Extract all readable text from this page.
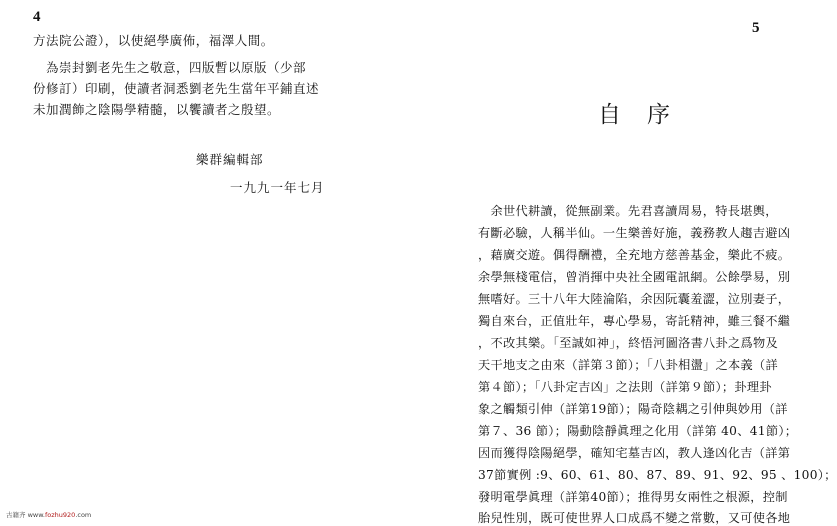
4
方法院公證），以使絕學廣佈，福澤人間。
　為崇封劉老先生之敬意，四版暫以原版（少部
份修訂）印刷，使讀者洞悉劉老先生當年平鋪直述
未加潤飾之陰陽學精髓，以饗讀者之殷望。
樂群編輯部
一九九一年七月
5
自序
　余世代耕讀，從無副業。先君喜讀周易，特長堪輿，
有斷必驗，人稱半仙。一生樂善好施，義務教人趨吉避凶
，藉廣交遊。偶得酬禮，全充地方慈善基金，樂此不疲。
余學無棧電信，曾消揮中央社全國電訊網。公餘學易，別
無嗜好。三十八年大陸淪陷，余因阮囊羞澀，泣別妻子，
獨自來台，正值壯年，專心學易，寄託精神，雖三餐不繼
，不改其樂。「至誠如神」，終悟河圖洛書八卦之爲物及
天干地支之由來（詳第３節）；「八卦相盪」之本義（詳
第４節）；「八卦定吉凶」之法則（詳第９節）；卦理卦
象之觸類引伸（詳第19節）；陽奇陰耦之引伸與妙用（詳
第７、36 節）；陽動陰靜眞理之化用（詳第 40、41節）；
因而獲得陰陽絕學，確知宅墓吉凶，教人逢凶化吉（詳第
37節實例 :9、60、61、80、87、89、91、92、95 、100）；
發明電學眞理（詳第40節）；推得男女兩性之根源，控制
胎兒性別，既可使世界人口成爲不變之常數，又可使各地
古籍齐 www.fozhu920.com
